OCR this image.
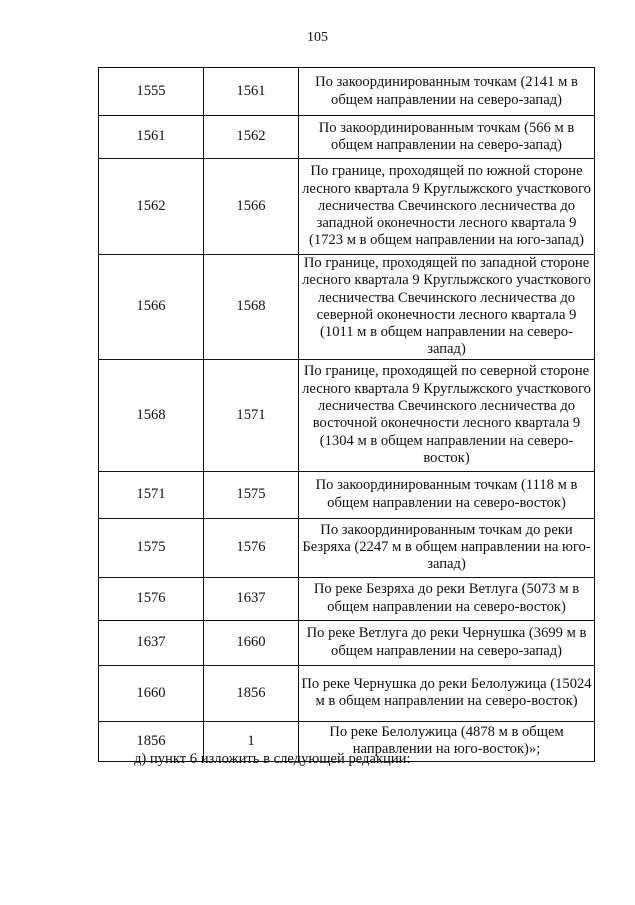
105
1555	1561	По закоординированным точкам (2141 м в общем направлении на северо-запад)
1561	1562	По закоординированным точкам (566 м в общем направлении на северо-запад)
1562	1566	По границе, проходящей по южной стороне лесного квартала 9 Круглыжского участкового лесничества Свечинского лесничества до западной оконечности лесного квартала 9 (1723 м в общем направлении на юго-запад)
1566	1568	По границе, проходящей по западной стороне лесного квартала 9 Круглыжского участкового лесничества Свечинского лесничества до северной оконечности лесного квартала 9 (1011 м в общем направлении на северо-запад)
1568	1571	По границе, проходящей по северной стороне лесного квартала 9 Круглыжского участкового лесничества Свечинского лесничества до восточной оконечности лесного квартала 9 (1304 м в общем направлении на северо-восток)
1571	1575	По закоординированным точкам (1118 м в общем направлении на северо-восток)
1575	1576	По закоординированным точкам до реки Безряха (2247 м в общем направлении на юго-запад)
1576	1637	По реке Безряха до реки Ветлуга (5073 м в общем направлении на северо-восток)
1637	1660	По реке Ветлуга до реки Чернушка (3699 м в общем направлении на северо-запад)
1660	1856	По реке Чернушка до реки Белолужица (15024 м в общем направлении на северо-восток)
1856	1	По реке Белолужица (4878 м в общем направлении на юго-восток)»;
д) пункт 6 изложить в следующей редакции:
